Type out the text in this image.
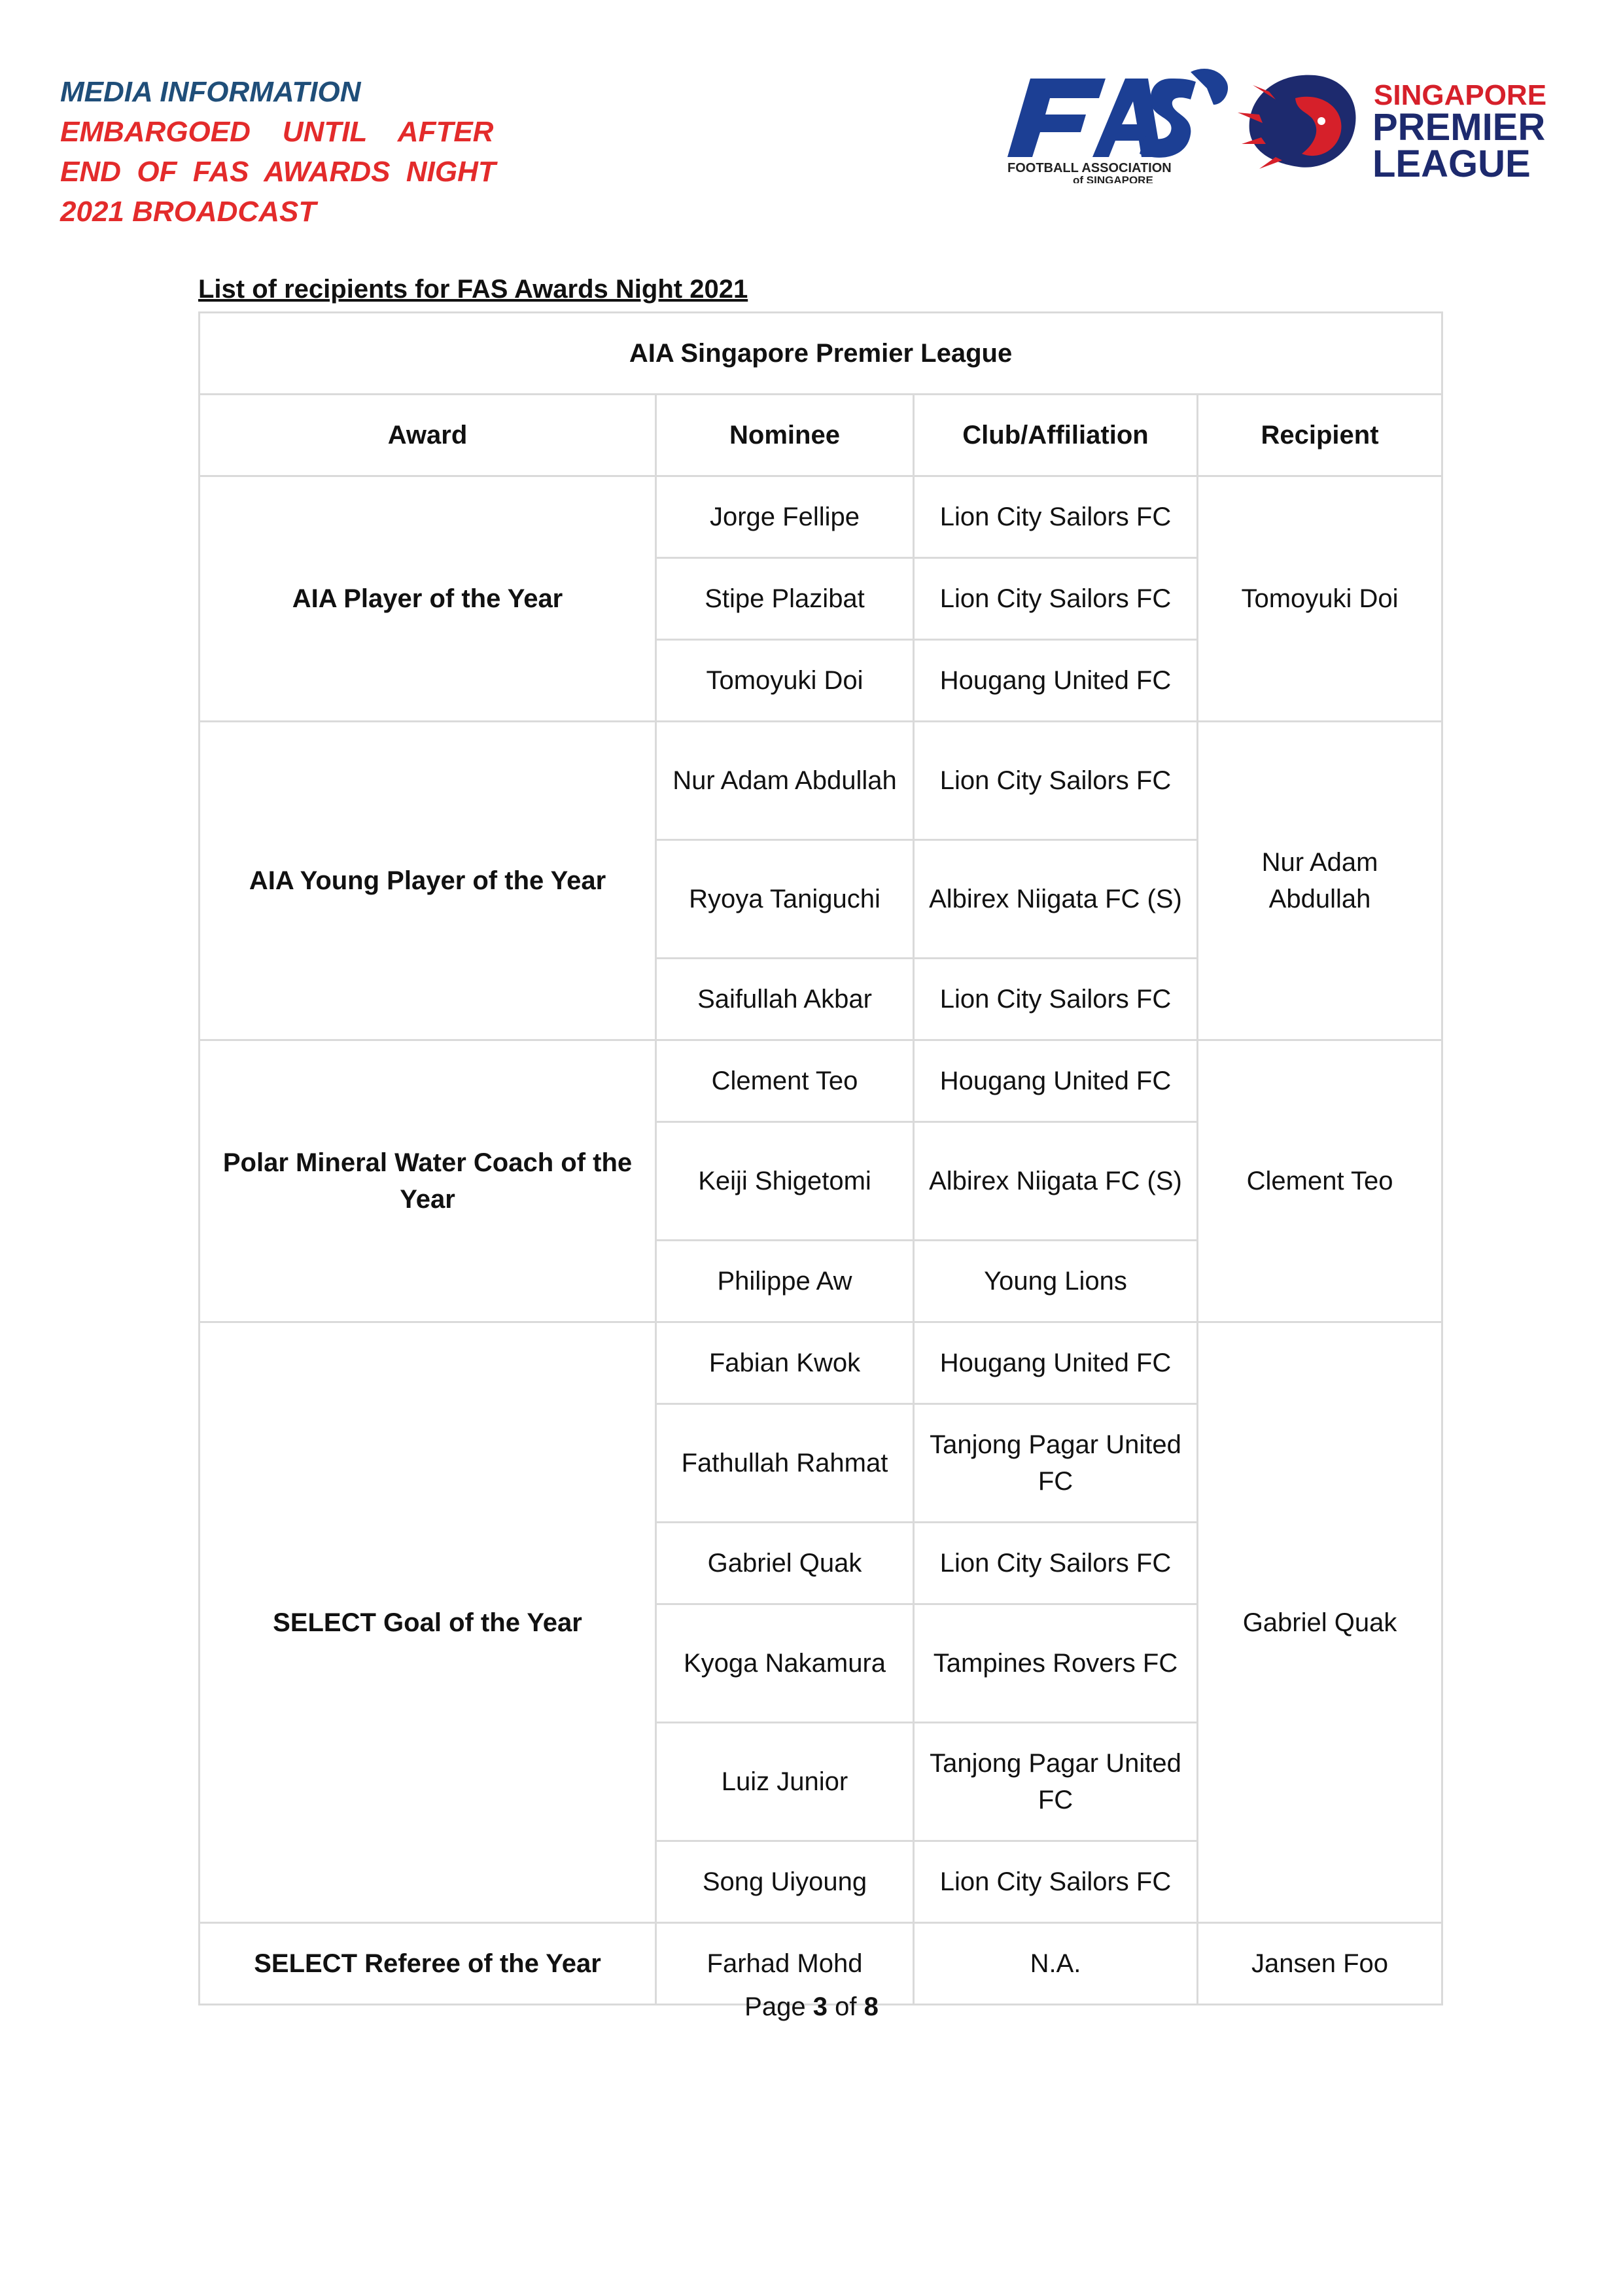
MEDIA INFORMATION
EMBARGOED    UNTIL    AFTER
END  OF  FAS  AWARDS  NIGHT
2021 BROADCAST
FOOTBALL ASSOCIATION
of SINGAPORE
SINGAPORE
PREMIER
LEAGUE
List of recipients for FAS Awards Night 2021
AIA Singapore Premier League			
Award	Nominee	Club/Affiliation	Recipient
AIA Player of the Year	Jorge Fellipe	Lion City Sailors FC	Tomoyuki Doi
	Stipe Plazibat	Lion City Sailors FC	
	Tomoyuki Doi	Hougang United FC	
AIA Young Player of the Year	Nur Adam Abdullah	Lion City Sailors FC	Nur Adam Abdullah
	Ryoya Taniguchi	Albirex Niigata FC (S)	
	Saifullah Akbar	Lion City Sailors FC	
Polar Mineral Water Coach of the Year	Clement Teo	Hougang United FC	Clement Teo
	Keiji Shigetomi	Albirex Niigata FC (S)	
	Philippe Aw	Young Lions	
SELECT Goal of the Year	Fabian Kwok	Hougang United FC	Gabriel Quak
	Fathullah Rahmat	Tanjong Pagar United FC	
	Gabriel Quak	Lion City Sailors FC	
	Kyoga Nakamura	Tampines Rovers FC	
	Luiz Junior	Tanjong Pagar United FC	
	Song Uiyoung	Lion City Sailors FC	
SELECT Referee of the Year	Farhad Mohd	N.A.	Jansen Foo
Page 3 of 8
